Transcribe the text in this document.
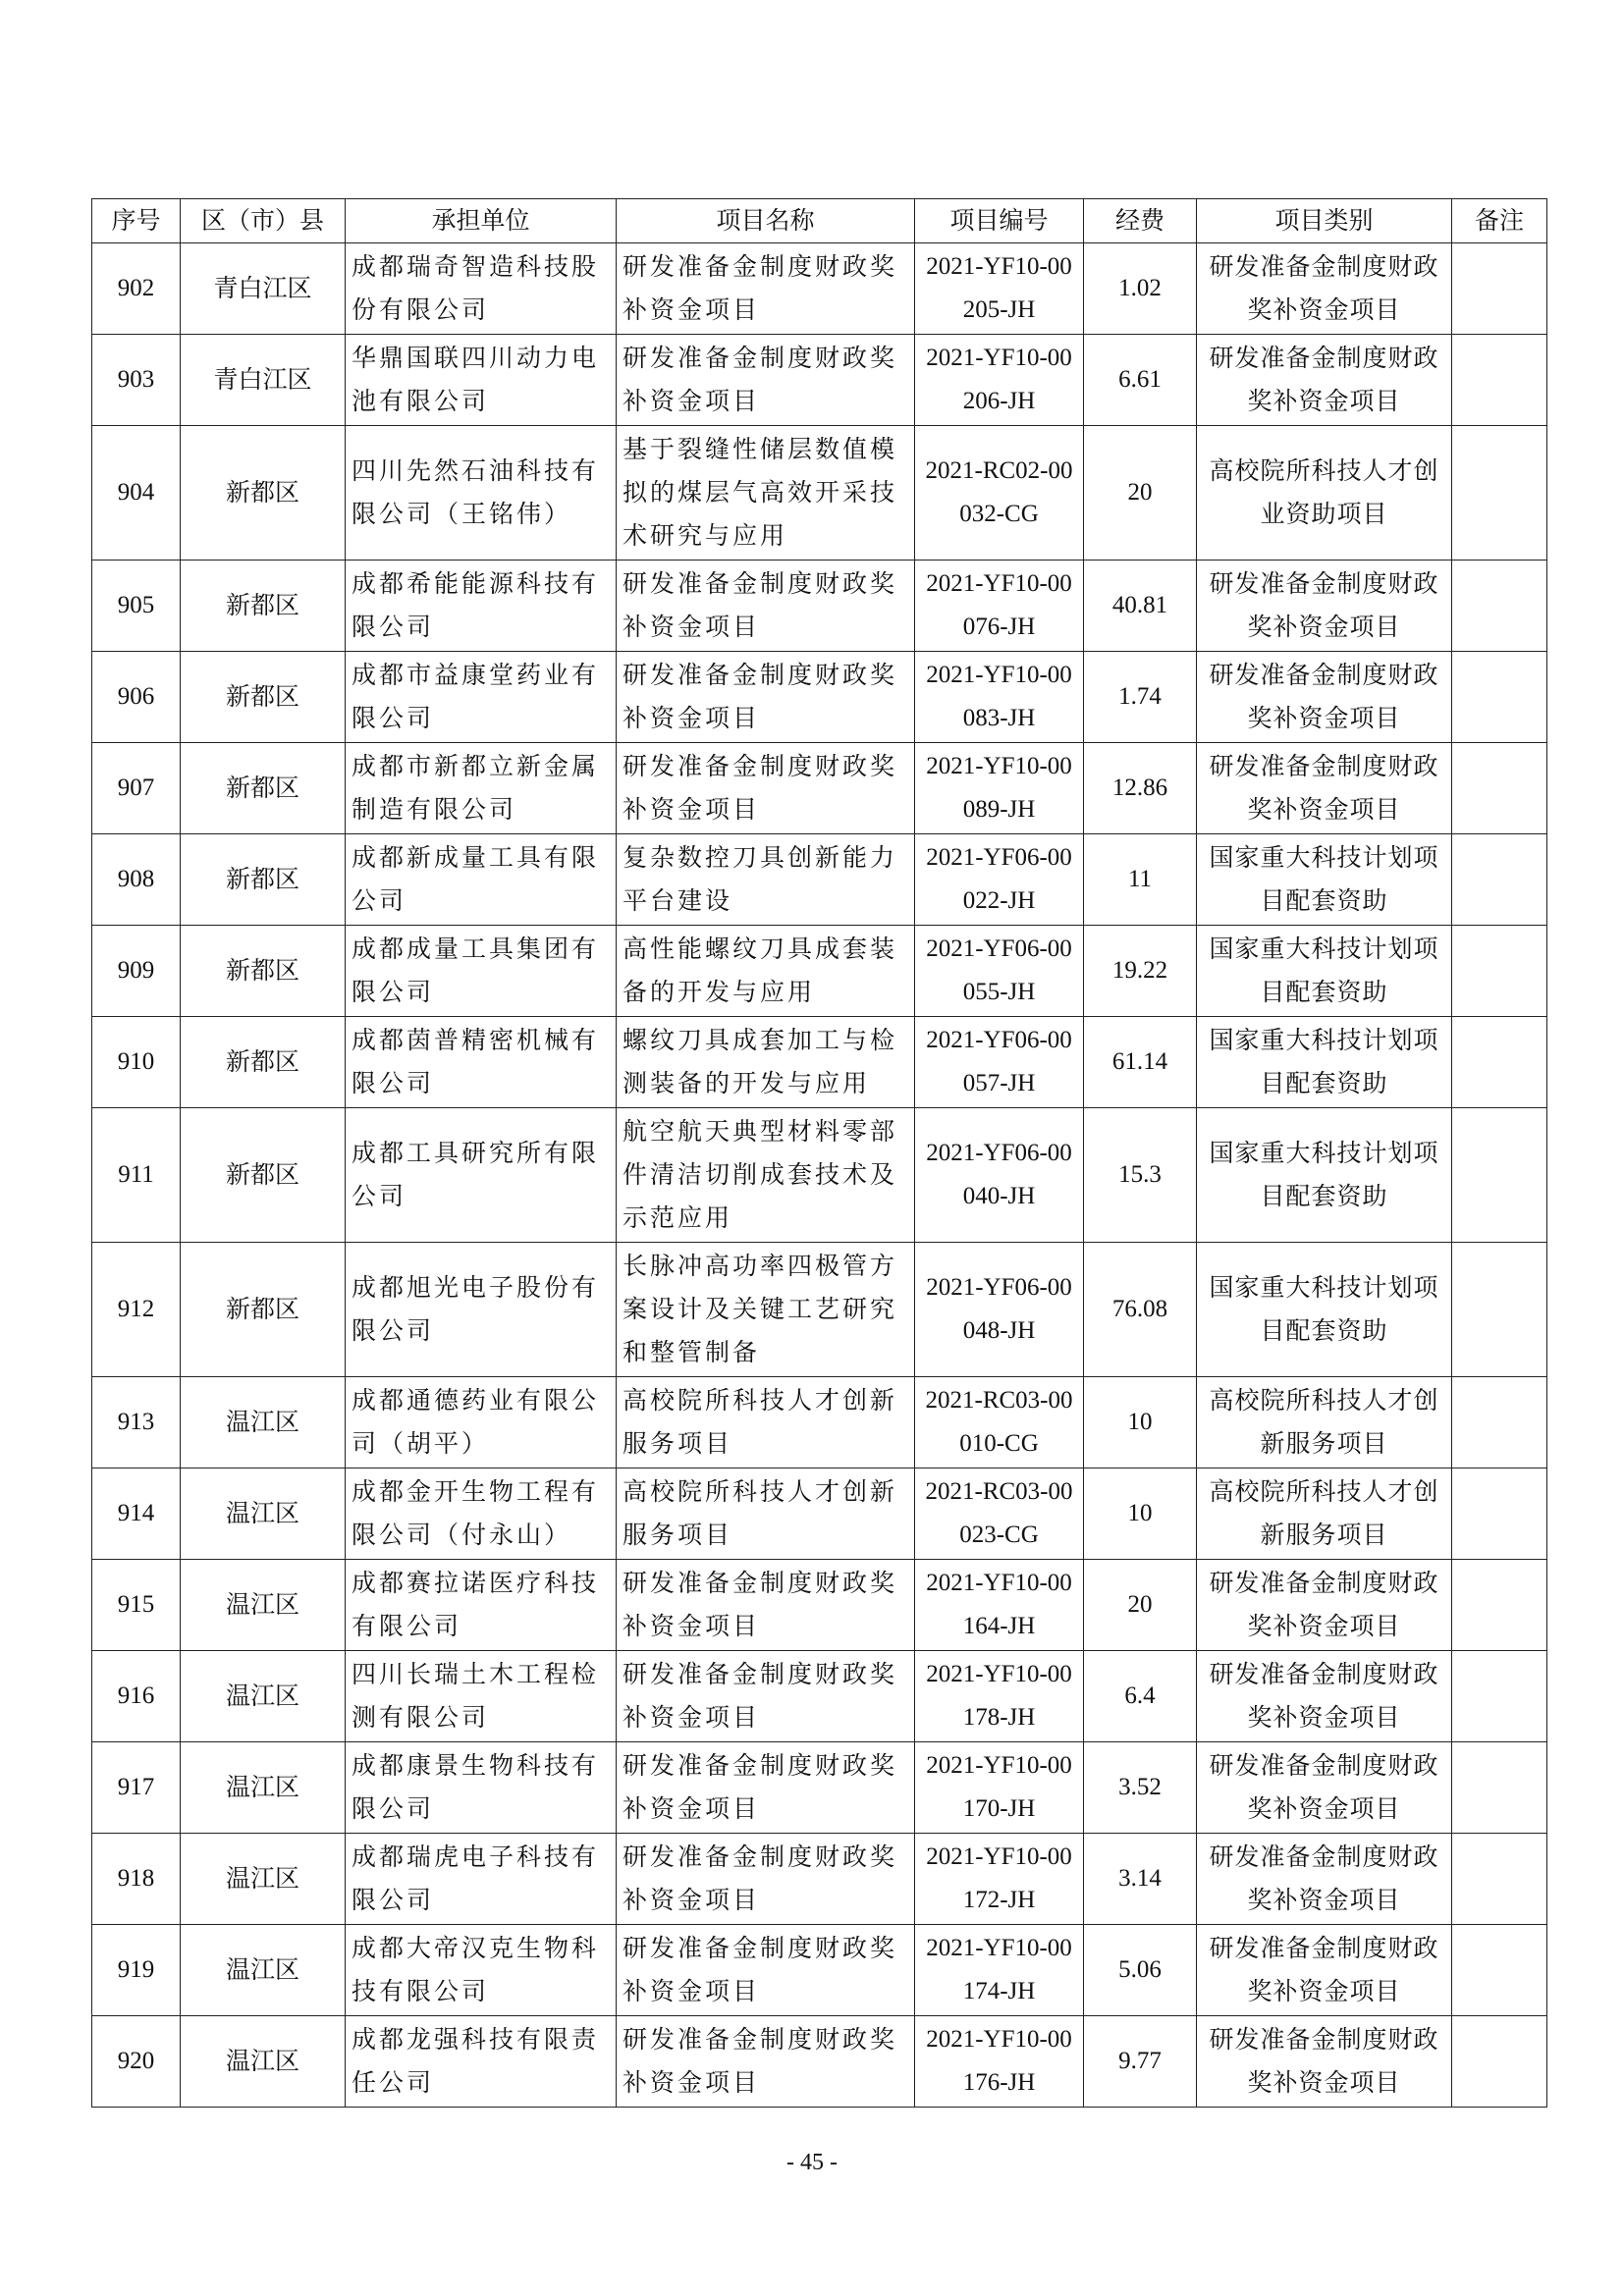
序号	区（市）县	承担单位	项目名称	项目编号	经费	项目类别	备注
902	青白江区	成都瑞奇智造科技股份有限公司	研发准备金制度财政奖补资金项目	2021-YF10-00205-JH	1.02	研发准备金制度财政奖补资金项目	
903	青白江区	华鼎国联四川动力电池有限公司	研发准备金制度财政奖补资金项目	2021-YF10-00206-JH	6.61	研发准备金制度财政奖补资金项目	
904	新都区	四川先然石油科技有限公司（王铭伟）	基于裂缝性储层数值模拟的煤层气高效开采技术研究与应用	2021-RC02-00032-CG	20	高校院所科技人才创业资助项目	
905	新都区	成都希能能源科技有限公司	研发准备金制度财政奖补资金项目	2021-YF10-00076-JH	40.81	研发准备金制度财政奖补资金项目	
906	新都区	成都市益康堂药业有限公司	研发准备金制度财政奖补资金项目	2021-YF10-00083-JH	1.74	研发准备金制度财政奖补资金项目	
907	新都区	成都市新都立新金属制造有限公司	研发准备金制度财政奖补资金项目	2021-YF10-00089-JH	12.86	研发准备金制度财政奖补资金项目	
908	新都区	成都新成量工具有限公司	复杂数控刀具创新能力平台建设	2021-YF06-00022-JH	11	国家重大科技计划项目配套资助	
909	新都区	成都成量工具集团有限公司	高性能螺纹刀具成套装备的开发与应用	2021-YF06-00055-JH	19.22	国家重大科技计划项目配套资助	
910	新都区	成都茵普精密机械有限公司	螺纹刀具成套加工与检测装备的开发与应用	2021-YF06-00057-JH	61.14	国家重大科技计划项目配套资助	
911	新都区	成都工具研究所有限公司	航空航天典型材料零部件清洁切削成套技术及示范应用	2021-YF06-00040-JH	15.3	国家重大科技计划项目配套资助	
912	新都区	成都旭光电子股份有限公司	长脉冲高功率四极管方案设计及关键工艺研究和整管制备	2021-YF06-00048-JH	76.08	国家重大科技计划项目配套资助	
913	温江区	成都通德药业有限公司（胡平）	高校院所科技人才创新服务项目	2021-RC03-00010-CG	10	高校院所科技人才创新服务项目	
914	温江区	成都金开生物工程有限公司（付永山）	高校院所科技人才创新服务项目	2021-RC03-00023-CG	10	高校院所科技人才创新服务项目	
915	温江区	成都赛拉诺医疗科技有限公司	研发准备金制度财政奖补资金项目	2021-YF10-00164-JH	20	研发准备金制度财政奖补资金项目	
916	温江区	四川长瑞土木工程检测有限公司	研发准备金制度财政奖补资金项目	2021-YF10-00178-JH	6.4	研发准备金制度财政奖补资金项目	
917	温江区	成都康景生物科技有限公司	研发准备金制度财政奖补资金项目	2021-YF10-00170-JH	3.52	研发准备金制度财政奖补资金项目	
918	温江区	成都瑞虎电子科技有限公司	研发准备金制度财政奖补资金项目	2021-YF10-00172-JH	3.14	研发准备金制度财政奖补资金项目	
919	温江区	成都大帝汉克生物科技有限公司	研发准备金制度财政奖补资金项目	2021-YF10-00174-JH	5.06	研发准备金制度财政奖补资金项目	
920	温江区	成都龙强科技有限责任公司	研发准备金制度财政奖补资金项目	2021-YF10-00176-JH	9.77	研发准备金制度财政奖补资金项目	
- 45 -
